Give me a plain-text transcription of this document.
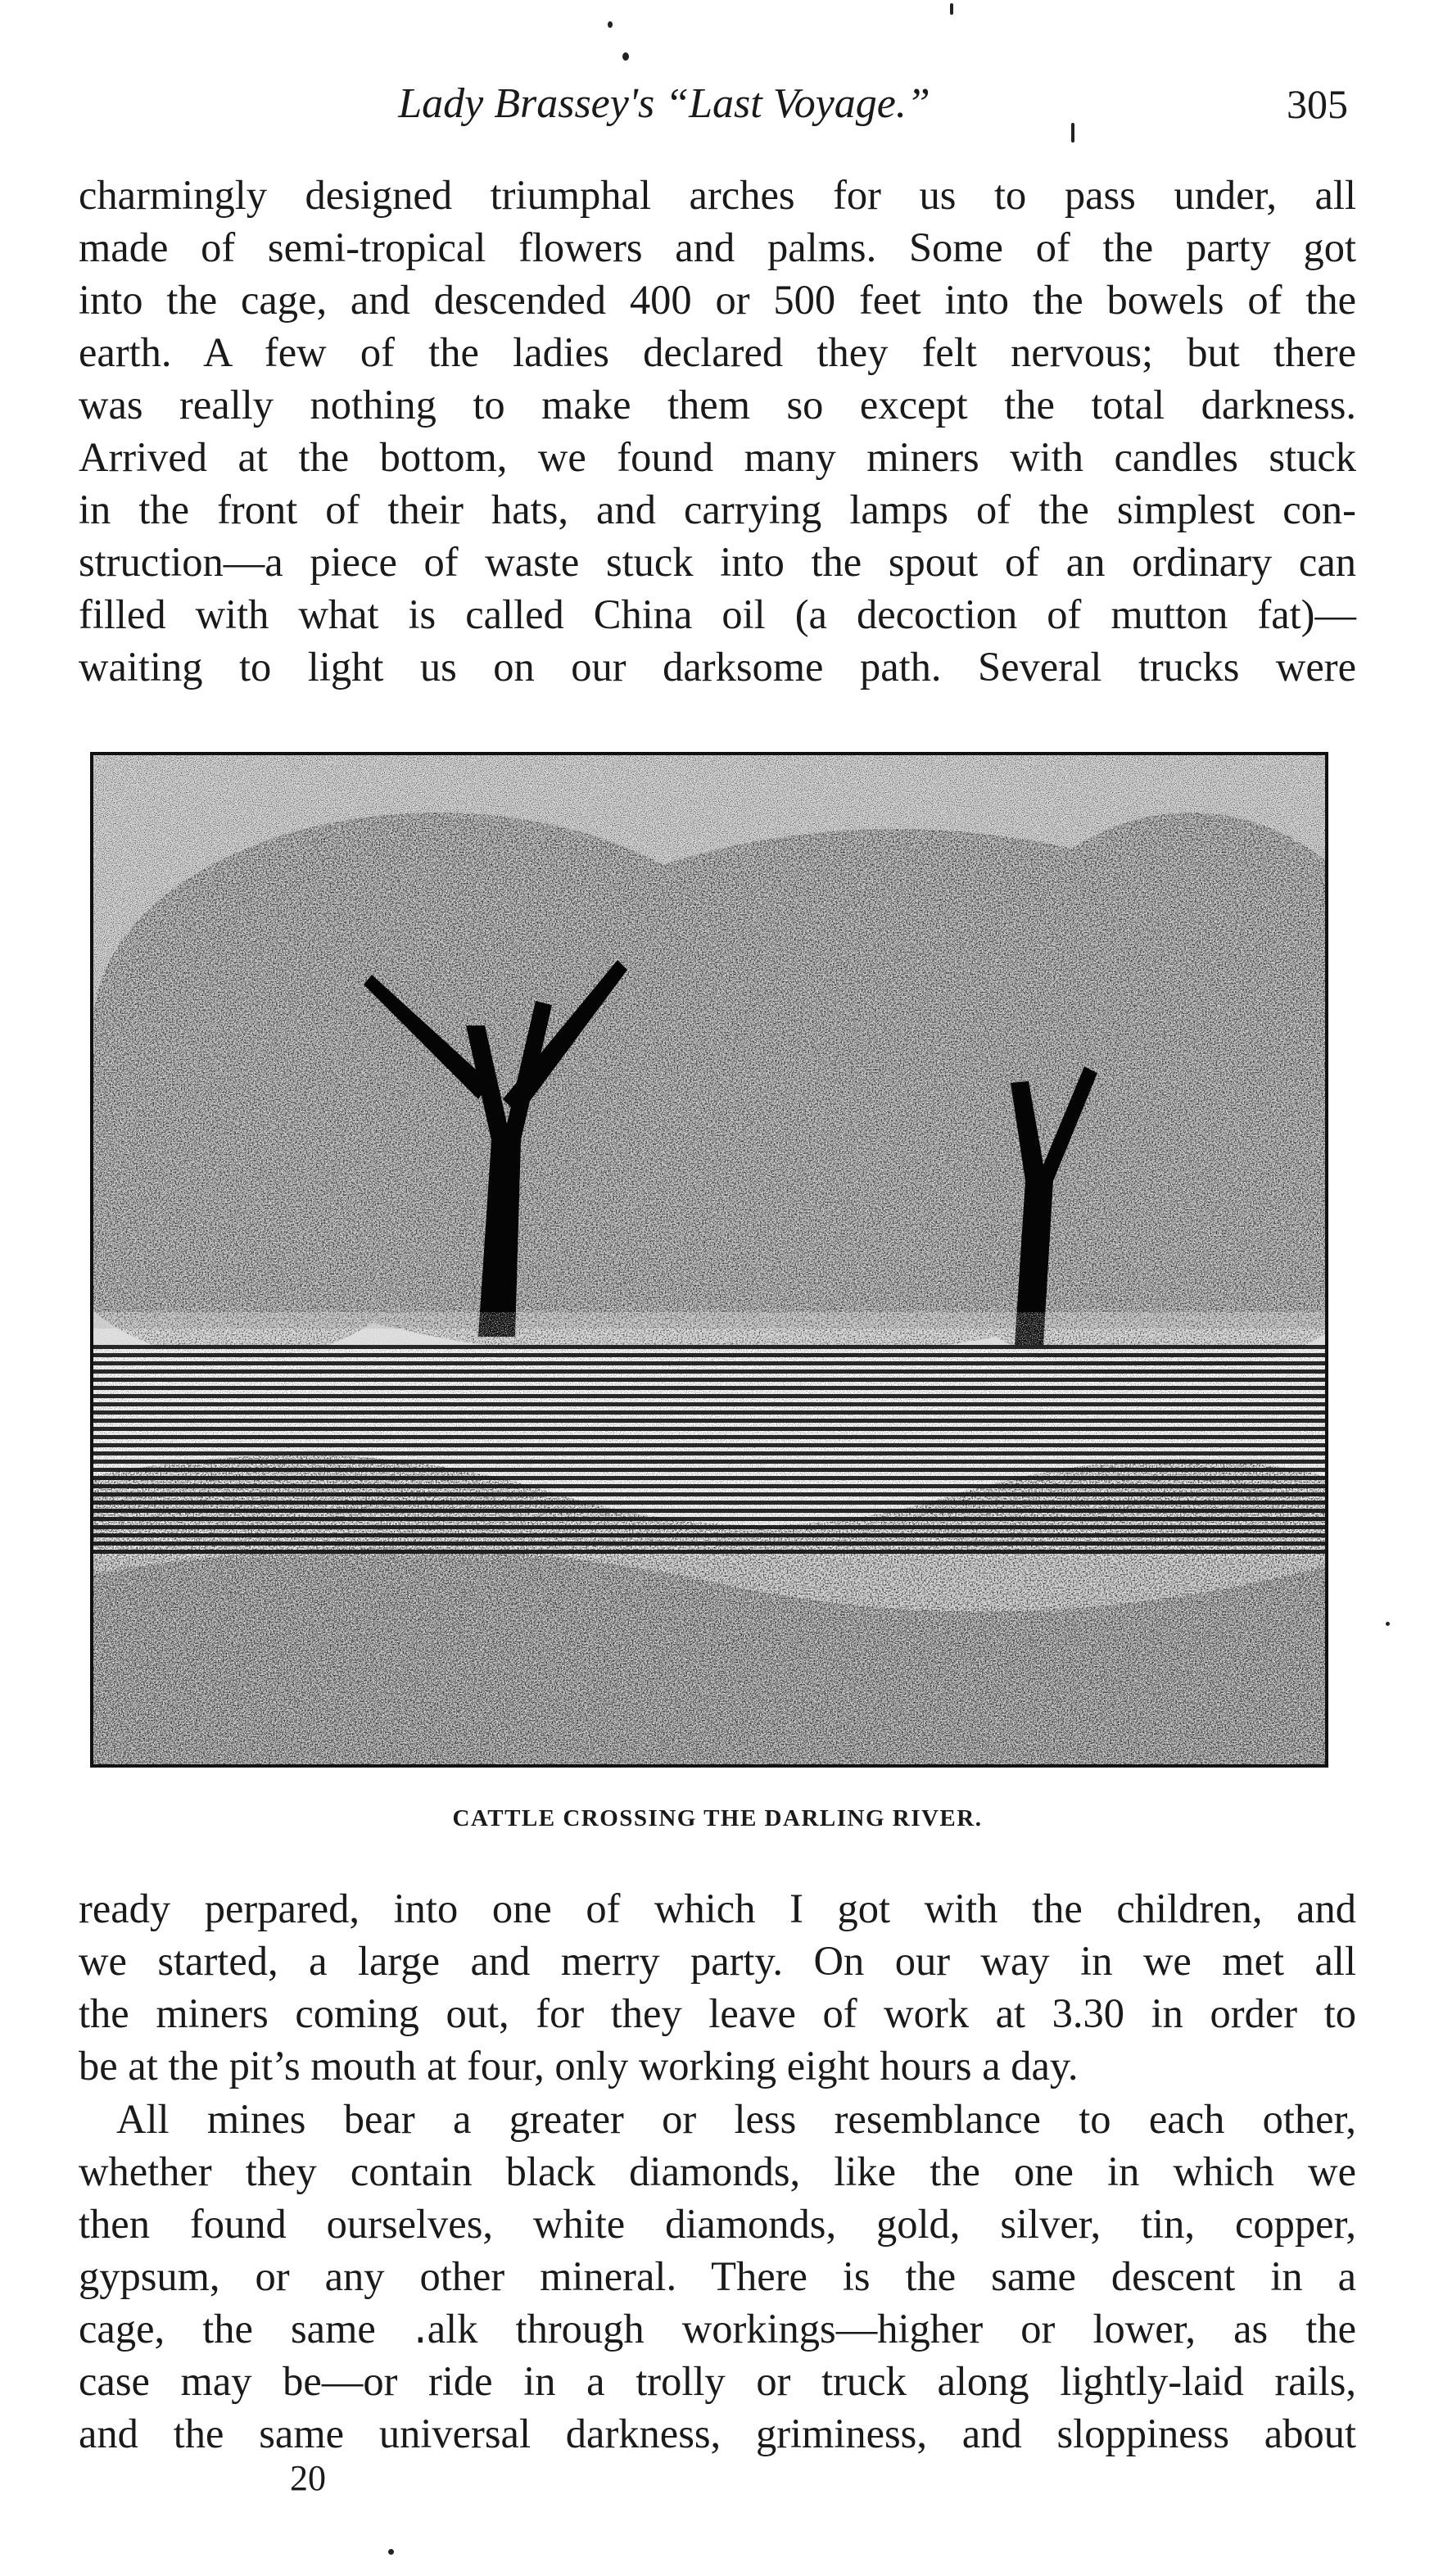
Lady Brassey's “Last Voyage.”	305

charmingly designed triumphal arches for us to pass under, all
made of semi-tropical flowers and palms. Some of the party got
into the cage, and descended 400 or 500 feet into the bowels of the
earth. A few of the ladies declared they felt nervous; but there
was really nothing to make them so except the total darkness.
Arrived at the bottom, we found many miners with candles stuck
in the front of their hats, and carrying lamps of the simplest con-
struction—a piece of waste stuck into the spout of an ordinary can
filled with what is called China oil (a decoction of mutton fat)—
waiting to light us on our darksome path. Several trucks were

CATTLE CROSSING THE DARLING RIVER.

ready perpared, into one of which I got with the children, and
we started, a large and merry party. On our way in we met all
the miners coming out, for they leave of work at 3.30 in order to
be at the pit’s mouth at four, only working eight hours a day.

All mines bear a greater or less resemblance to each other,
whether they contain black diamonds, like the one in which we
then found ourselves, white diamonds, gold, silver, tin, copper,
gypsum, or any other mineral. There is the same descent in a
cage, the same ․alk through workings—higher or lower, as the
case may be—or ride in a trolly or truck along lightly-laid rails,
and the same universal darkness, griminess, and sloppiness about

20
